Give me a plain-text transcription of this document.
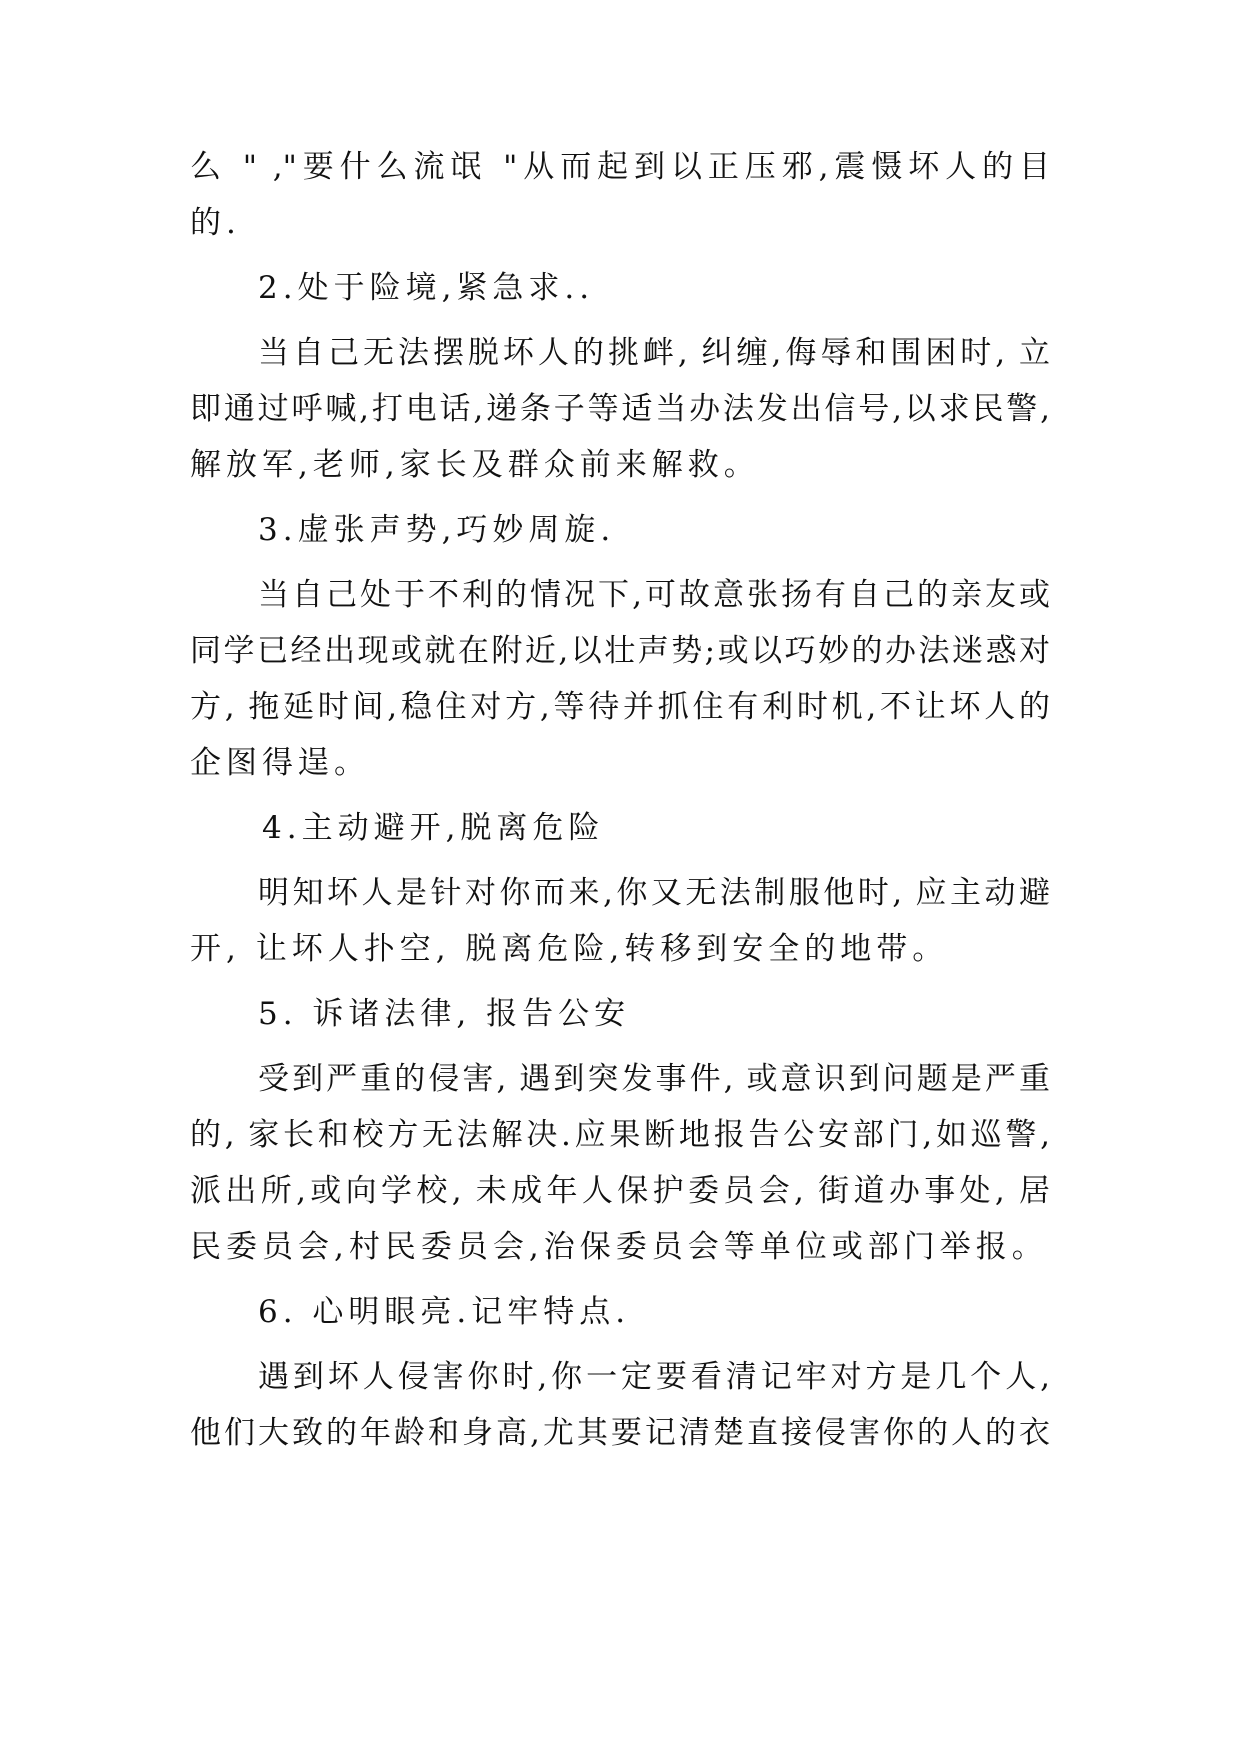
么 " ,"要什么流氓 "从而起到以正压邪,震慑坏人的目
的.
2.处于险境,紧急求..
当自己无法摆脱坏人的挑衅, 纠缠,侮辱和围困时, 立
即通过呼喊,打电话,递条子等适当办法发出信号,以求民警,
解放军,老师,家长及群众前来解救。
3.虚张声势,巧妙周旋.
当自己处于不利的情况下,可故意张扬有自己的亲友或
同学已经出现或就在附近,以壮声势;或以巧妙的办法迷惑对
方, 拖延时间,稳住对方,等待并抓住有利时机,不让坏人的
企图得逞。
4.主动避开,脱离危险
明知坏人是针对你而来,你又无法制服他时, 应主动避
开, 让坏人扑空, 脱离危险,转移到安全的地带。
5. 诉诸法律, 报告公安
受到严重的侵害, 遇到突发事件, 或意识到问题是严重
的, 家长和校方无法解决.应果断地报告公安部门,如巡警,
派出所,或向学校, 未成年人保护委员会, 街道办事处, 居
民委员会,村民委员会,治保委员会等单位或部门举报。
6. 心明眼亮.记牢特点.
遇到坏人侵害你时,你一定要看清记牢对方是几个人,
他们大致的年龄和身高,尤其要记清楚直接侵害你的人的衣
